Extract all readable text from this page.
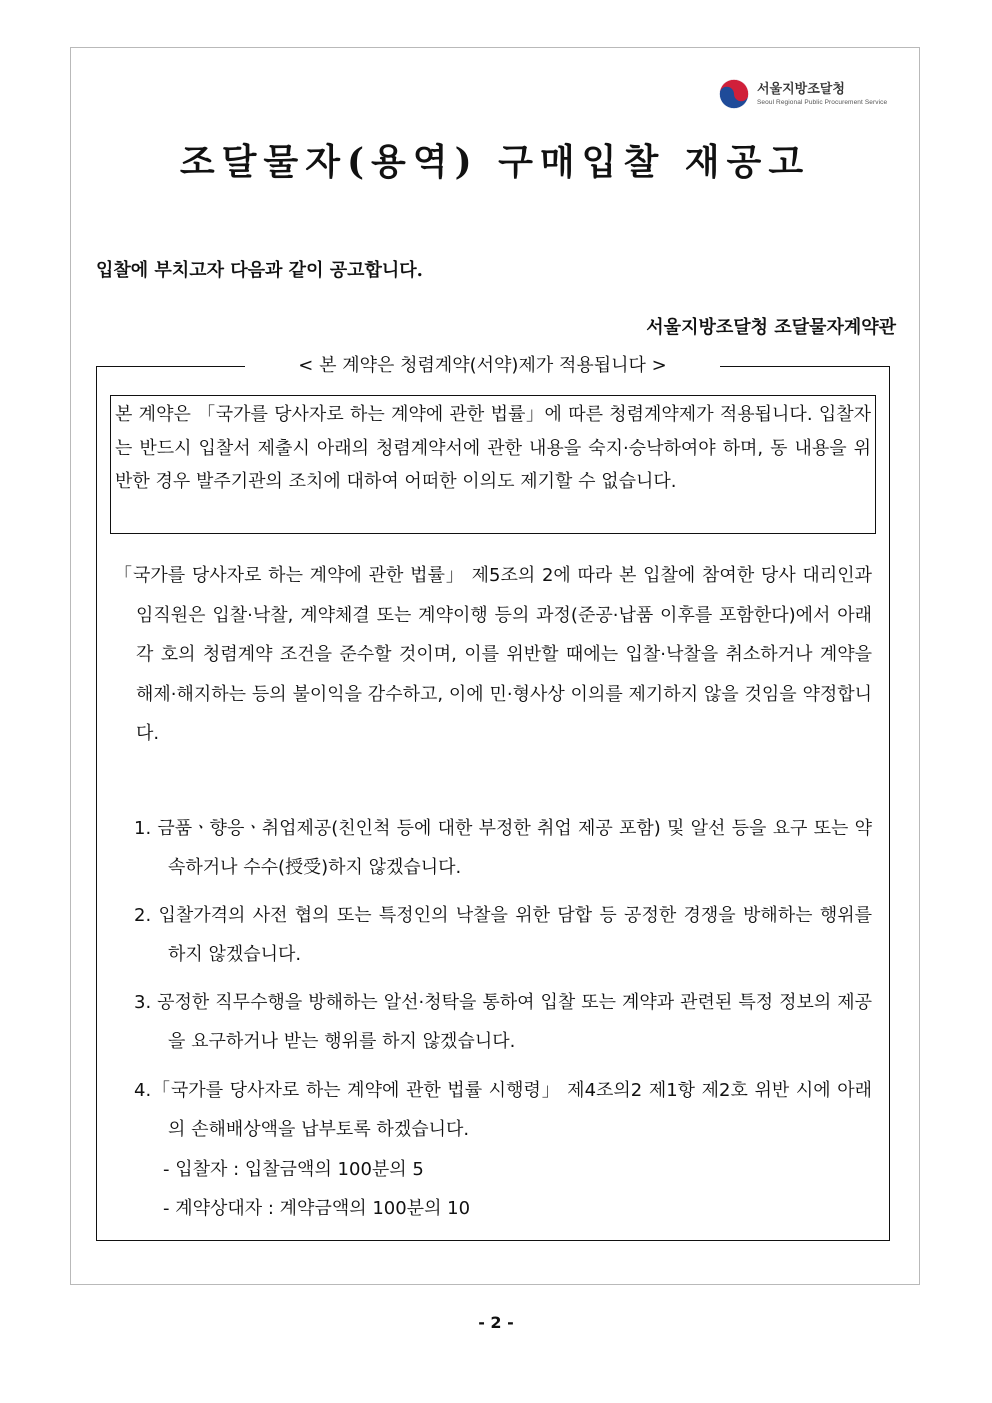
서울지방조달청
Seoul Regional Public Procurement Service
조달물자(용역) 구매입찰 재공고

입찰에 부치고자 다음과 같이 공고합니다.

서울지방조달청 조달물자계약관

< 본 계약은 청렴계약(서약)제가 적용됩니다 >
본 계약은 「국가를 당사자로 하는 계약에 관한 법률」에 따른 청렴계약제가 적용됩니다. 입찰자는 반드시 입찰서 제출시 아래의 청렴계약서에 관한 내용을 숙지·승낙하여야 하며, 동 내용을 위반한 경우 발주기관의 조치에 대하여 어떠한 이의도 제기할 수 없습니다.

「국가를 당사자로 하는 계약에 관한 법률」 제5조의 2에 따라 본 입찰에 참여한 당사 대리인과 임직원은 입찰·낙찰, 계약체결 또는 계약이행 등의 과정(준공·납품 이후를 포함한다)에서 아래 각 호의 청렴계약 조건을 준수할 것이며, 이를 위반할 때에는 입찰·낙찰을 취소하거나 계약을 해제·해지하는 등의 불이익을 감수하고, 이에 민·형사상 이의를 제기하지 않을 것임을 약정합니다.

1. 금품ㆍ향응ㆍ취업제공(친인척 등에 대한 부정한 취업 제공 포함) 및 알선 등을 요구 또는 약속하거나 수수(授受)하지 않겠습니다.

2. 입찰가격의 사전 협의 또는 특정인의 낙찰을 위한 담합 등 공정한 경쟁을 방해하는 행위를 하지 않겠습니다.

3. 공정한 직무수행을 방해하는 알선·청탁을 통하여 입찰 또는 계약과 관련된 특정 정보의 제공을 요구하거나 받는 행위를 하지 않겠습니다.

4.「국가를 당사자로 하는 계약에 관한 법률 시행령」 제4조의2 제1항 제2호 위반 시에 아래의 손해배상액을 납부토록 하겠습니다.

- 입찰자 : 입찰금액의 100분의 5

- 계약상대자 : 계약금액의 100분의 10

- 2 -
